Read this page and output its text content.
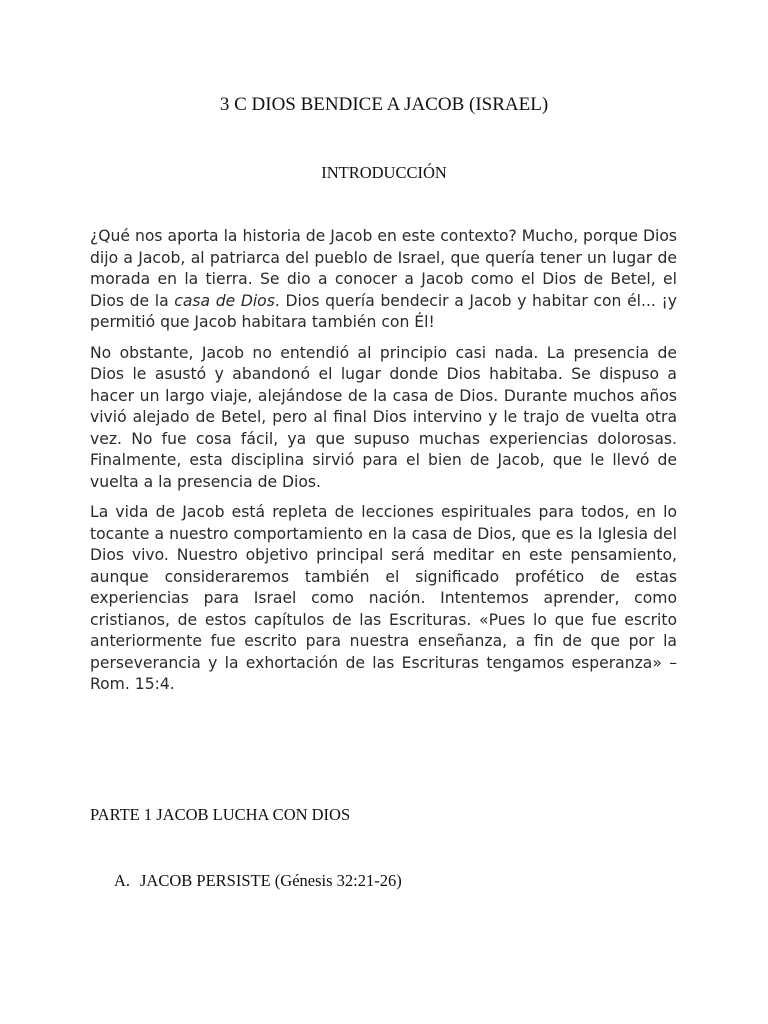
3 C DIOS BENDICE A JACOB (ISRAEL)
INTRODUCCIÓN

¿Qué nos aporta la historia de Jacob en este contexto? Mucho, porque Dios dijo a Jacob, al patriarca del pueblo de Israel, que quería tener un lugar de morada en la tierra. Se dio a conocer a Jacob como el Dios de Betel, el Dios de la casa de Dios. Dios quería bendecir a Jacob y habitar con él... ¡y permitió que Jacob habitara también con Él!

No obstante, Jacob no entendió al principio casi nada. La presencia de Dios le asustó y abandonó el lugar donde Dios habitaba. Se dispuso a hacer un largo viaje, alejándose de la casa de Dios. Durante muchos años vivió alejado de Betel, pero al final Dios intervino y le trajo de vuelta otra vez. No fue cosa fácil, ya que supuso muchas experiencias dolorosas. Finalmente, esta disciplina sirvió para el bien de Jacob, que le llevó de vuelta a la presencia de Dios.

La vida de Jacob está repleta de lecciones espirituales para todos, en lo tocante a nuestro comportamiento en la casa de Dios, que es la Iglesia del Dios vivo. Nuestro objetivo principal será meditar en este pensamiento, aunque consideraremos también el significado profético de estas experiencias para Israel como nación. Intentemos aprender, como cristianos, de estos capítulos de las Escrituras. «Pues lo que fue escrito anteriormente fue escrito para nuestra enseñanza, a fin de que por la perseverancia y la exhortación de las Escrituras tengamos esperanza» –Rom. 15:4.

PARTE 1 JACOB LUCHA CON DIOS
A. JACOB PERSISTE (Génesis 32:21-26)
